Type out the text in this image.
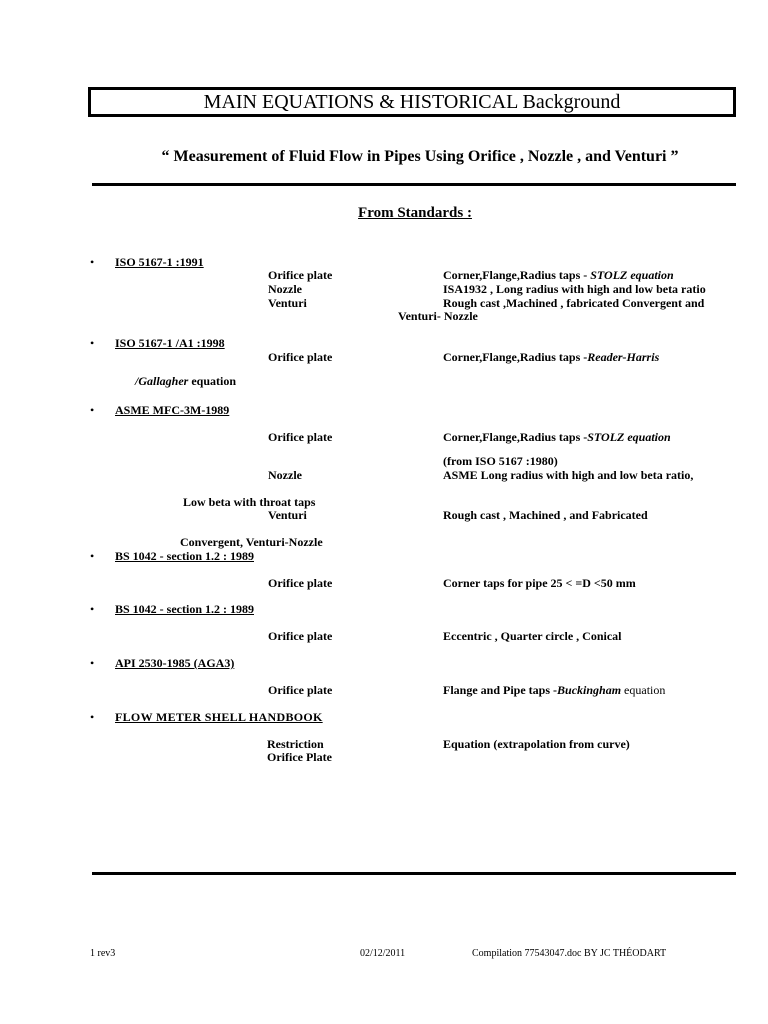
MAIN EQUATIONS & HISTORICAL Background
“ Measurement of Fluid Flow in Pipes Using Orifice , Nozzle , and Venturi ”
From Standards :
• ISO 5167-1 :1991
Orifice plate	Corner,Flange,Radius taps - STOLZ equation
Nozzle	ISA1932 , Long radius with high and low beta ratio
Venturi	Rough cast ,Machined , fabricated Convergent and
Venturi- Nozzle
• ISO 5167-1 /A1 :1998
Orifice plate	Corner,Flange,Radius taps -Reader-Harris
/Gallagher equation
• ASME MFC-3M-1989
Orifice plate	Corner,Flange,Radius taps -STOLZ equation
(from ISO 5167 :1980)
Nozzle	ASME Long radius with high and low beta ratio,
Low beta with throat taps
Venturi	Rough cast , Machined , and Fabricated
Convergent, Venturi-Nozzle
• BS 1042 - section 1.2 : 1989
Orifice plate	Corner taps for pipe 25 < =D <50 mm
• BS 1042 - section 1.2 : 1989
Orifice plate	Eccentric , Quarter circle , Conical
• API 2530-1985 (AGA3)
Orifice plate	Flange and Pipe taps -Buckingham equation
• FLOW METER SHELL HANDBOOK
Restriction	Equation (extrapolation from curve)
Orifice Plate
1 rev3	02/12/2011	Compilation 77543047.doc BY JC THÉODART
